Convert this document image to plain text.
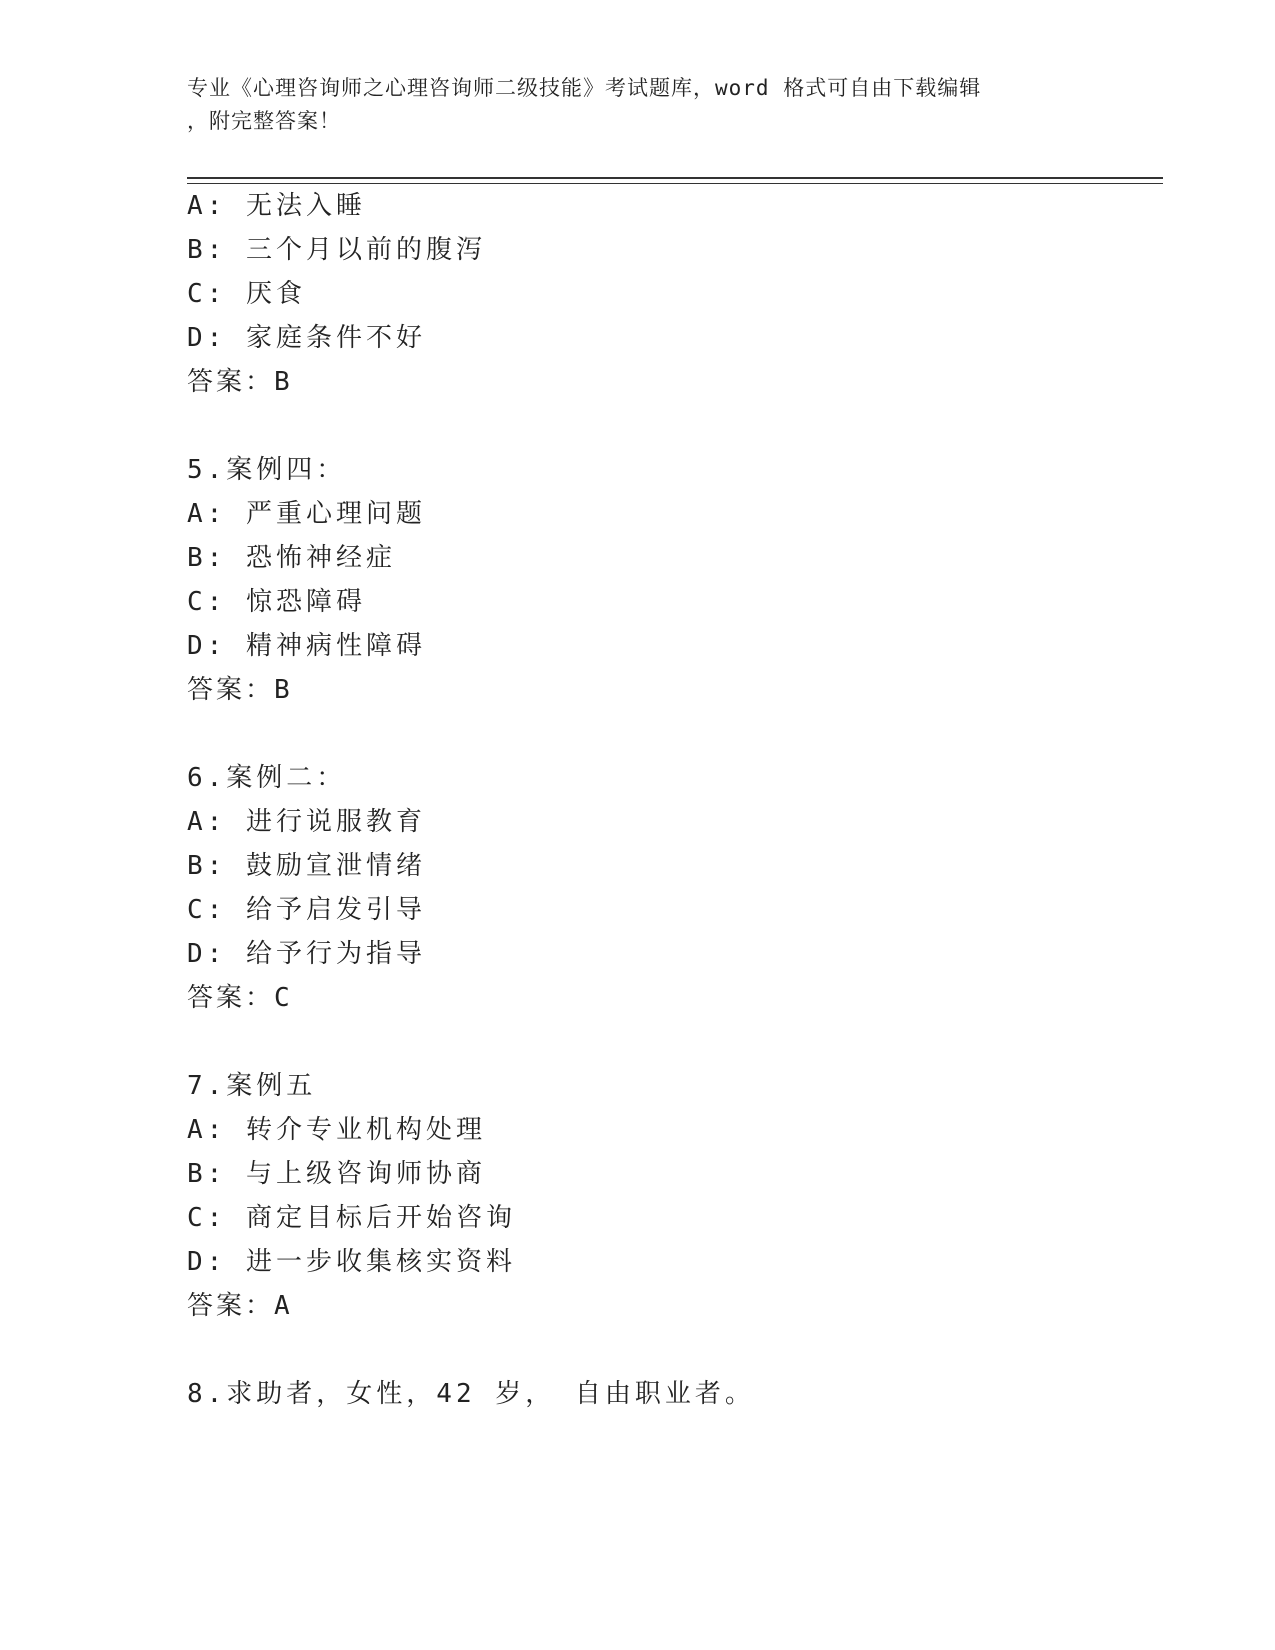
专业《心理咨询师之心理咨询师二级技能》考试题库，word 格式可自由下载编辑
，附完整答案！
A: 无法入睡
B: 三个月以前的腹泻
C: 厌食
D: 家庭条件不好
答案：B
5.案例四：
A: 严重心理问题
B: 恐怖神经症
C: 惊恐障碍
D: 精神病性障碍
答案：B
6.案例二：
A: 进行说服教育
B: 鼓励宣泄情绪
C: 给予启发引导
D: 给予行为指导
答案：C
7.案例五
A: 转介专业机构处理
B: 与上级咨询师协商
C: 商定目标后开始咨询
D: 进一步收集核实资料
答案：A
8.求助者，女性，42 岁， 自由职业者。
